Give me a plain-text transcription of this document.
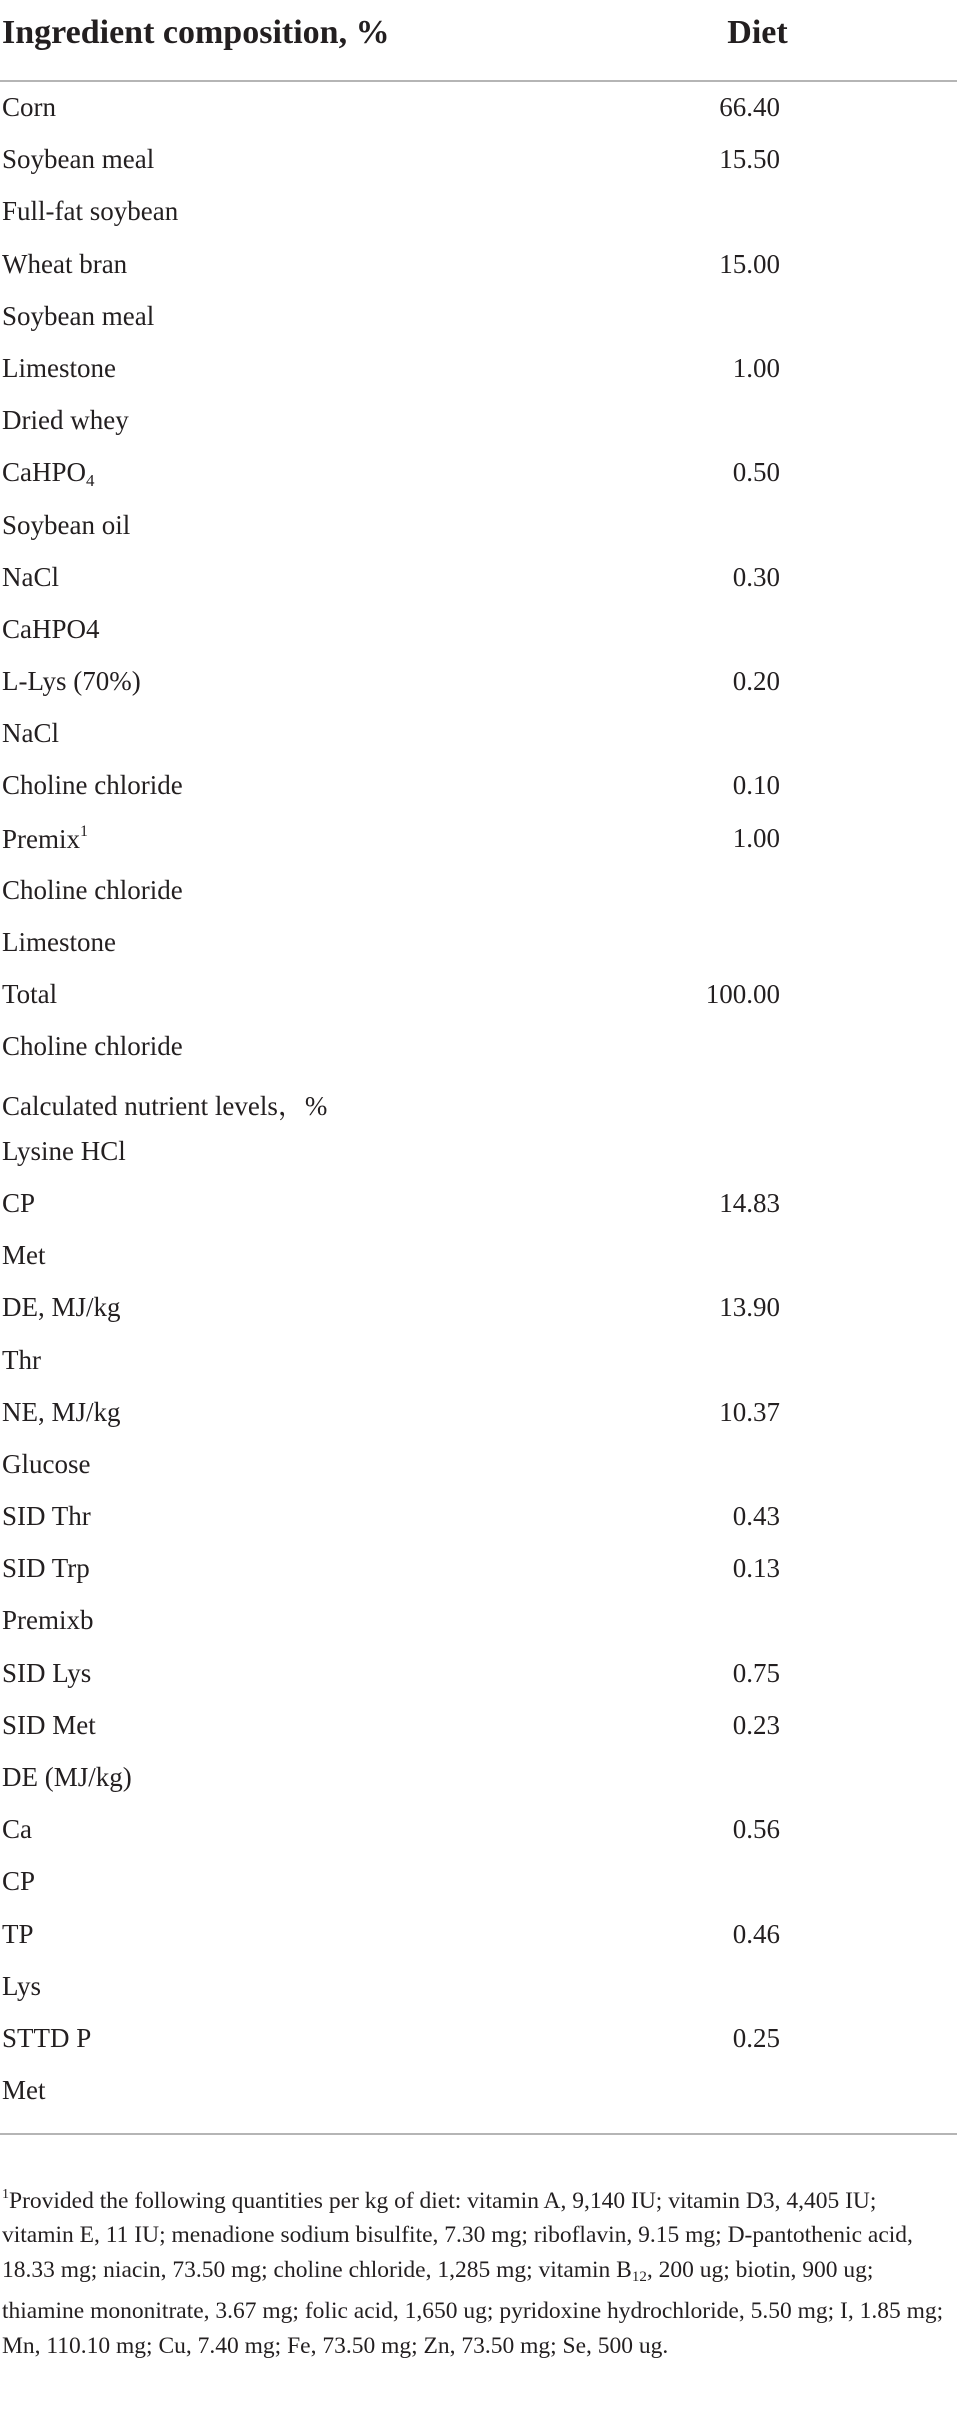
Ingredient composition, %	Diet
Corn	66.40
Soybean meal	15.50
Full-fat soybean
Wheat bran	15.00
Soybean meal
Limestone	1.00
Dried whey
CaHPO$_4$	0.50
Soybean oil
NaCl	0.30
CaHPO4
L-Lys (70%)	0.20
NaCl
Choline chloride	0.10
Premix$^1$	1.00
Choline chloride
Limestone
Total	100.00
Choline chloride
Calculated nutrient levels，%
Lysine HCl
CP	14.83
Met
DE, MJ/kg	13.90
Thr
NE, MJ/kg	10.37
Glucose
SID Thr	0.43
SID Trp	0.13
Premixb
SID Lys	0.75
SID Met	0.23
DE (MJ/kg)
Ca	0.56
CP
TP	0.46
Lys
STTD P	0.25
Met
$^1$Provided the following quantities per kg of diet: vitamin A, 9,140 IU; vitamin D3, 4,405 IU; vitamin E, 11 IU; menadione sodium bisulfite, 7.30 mg; riboflavin, 9.15 mg; D-pantothenic acid, 18.33 mg; niacin, 73.50 mg; choline chloride, 1,285 mg; vitamin $B_{12}$, 200 ug; biotin, 900 ug; thiamine mononitrate, 3.67 mg; folic acid, 1,650 ug; pyridoxine hydrochloride, 5.50 mg; I, 1.85 mg; Mn, 110.10 mg; Cu, 7.40 mg; Fe, 73.50 mg; Zn, 73.50 mg; Se, 500 ug.
